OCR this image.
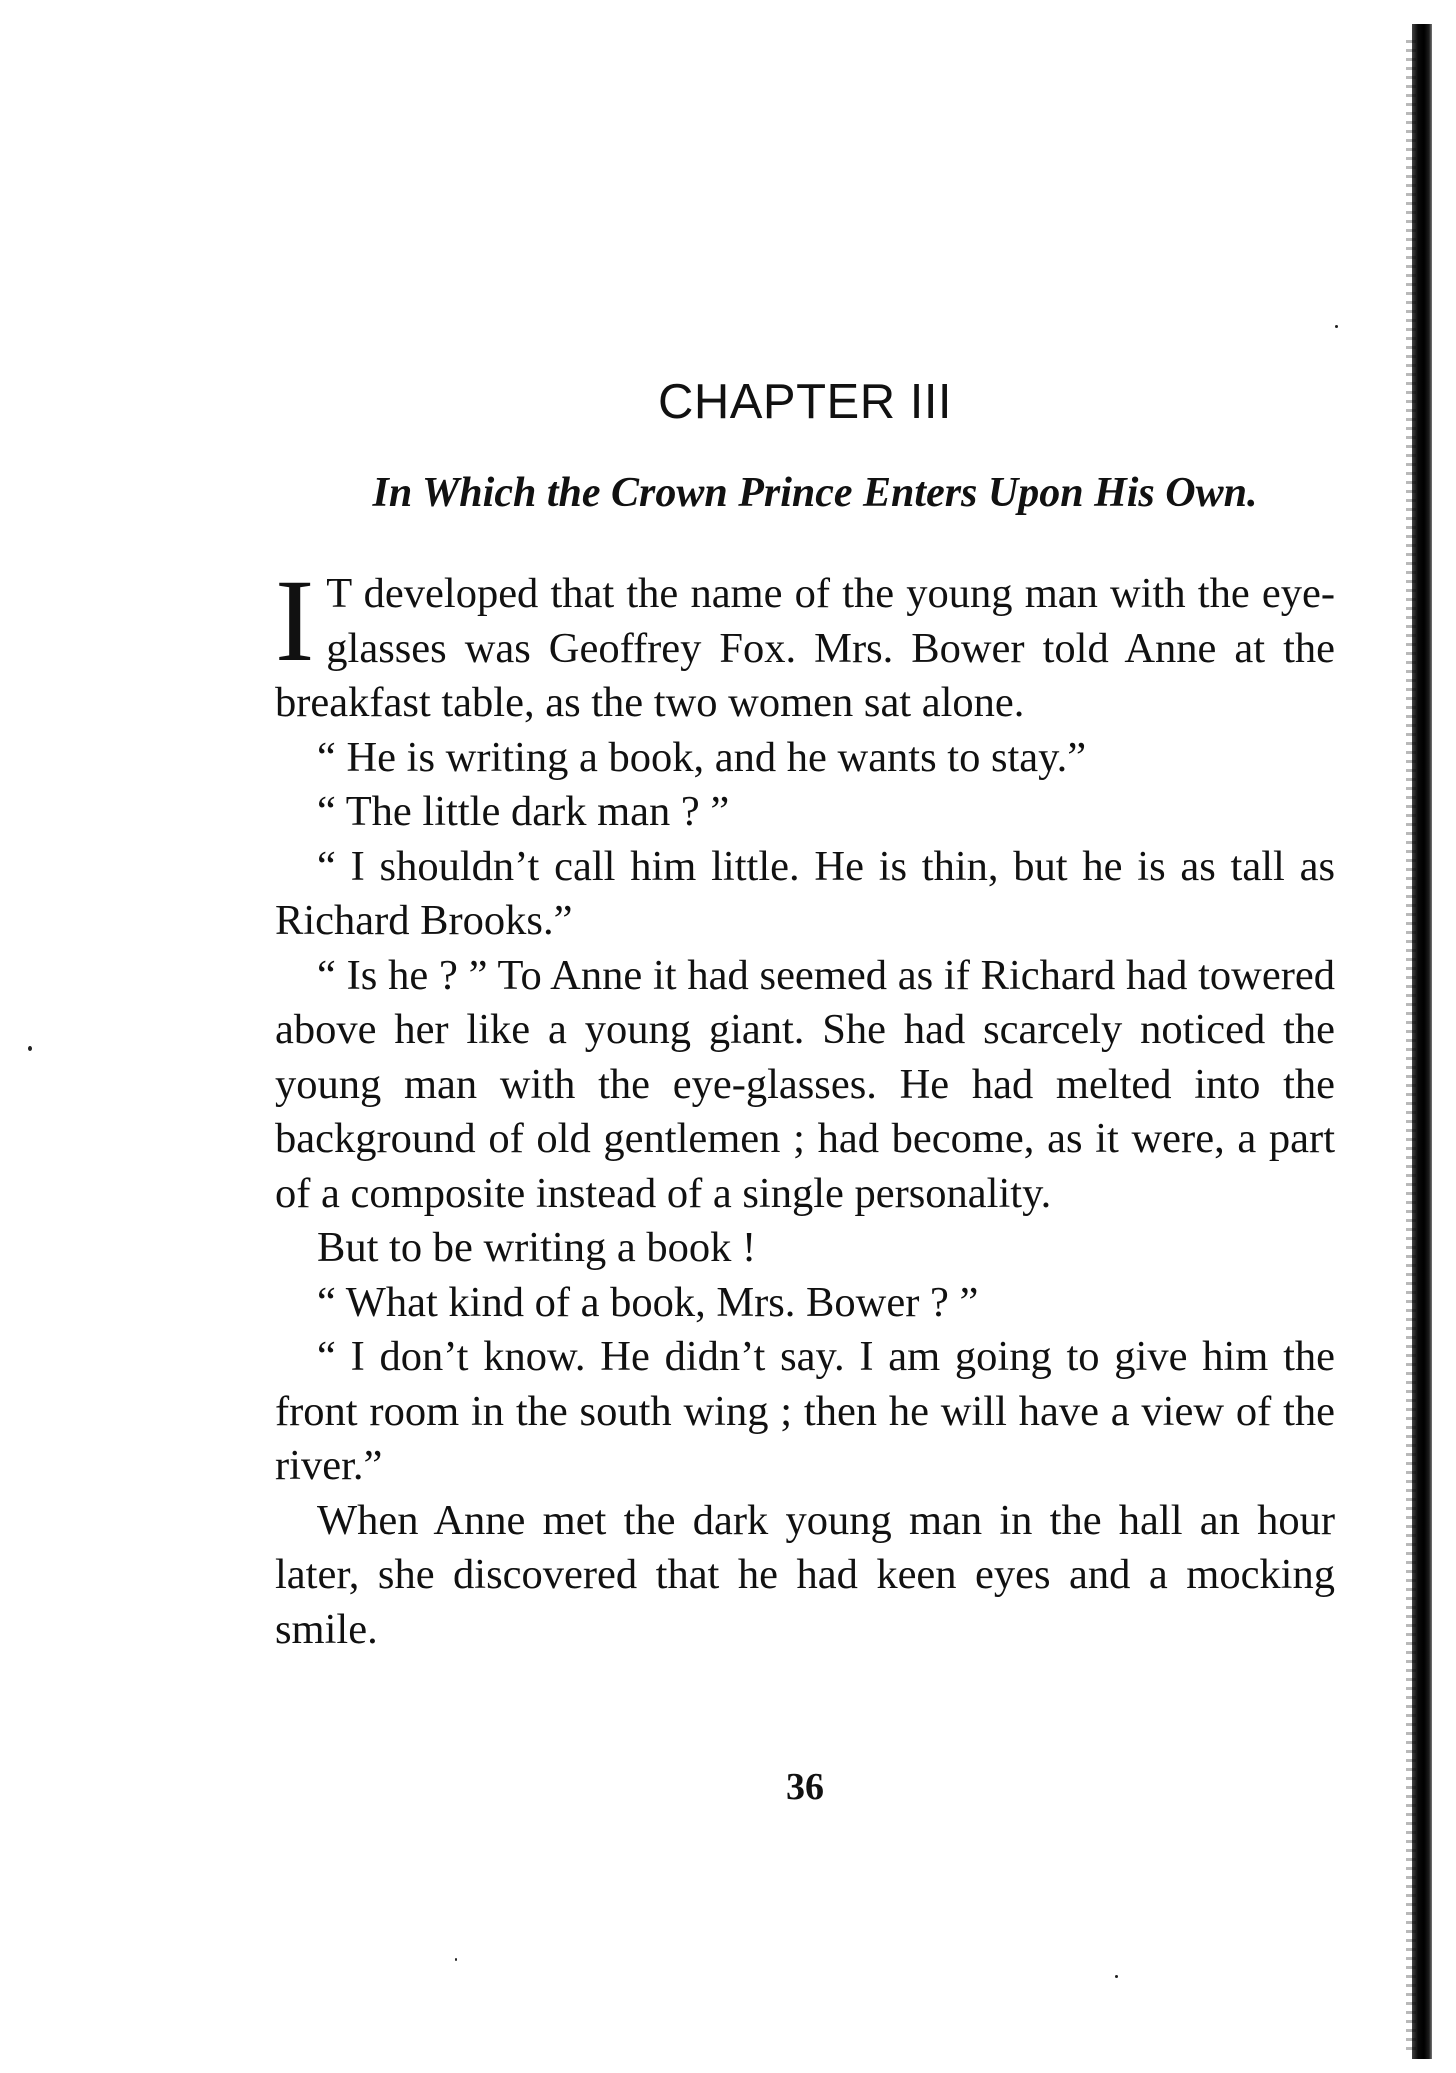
CHAPTER III
In Which the Crown Prince Enters Upon His Own.

IT developed that the name of the young man with the eye-glasses was Geoffrey Fox. Mrs. Bower told Anne at the breakfast table, as the two women sat alone.

“ He is writing a book, and he wants to stay.”

“ The little dark man ? ”

“ I shouldn’t call him little. He is thin, but he is as tall as Richard Brooks.”

“ Is he ? ” To Anne it had seemed as if Richard had towered above her like a young giant. She had scarcely noticed the young man with the eye-glasses. He had melted into the background of old gentlemen ; had become, as it were, a part of a composite instead of a single personality.

But to be writing a book !

“ What kind of a book, Mrs. Bower ? ”

“ I don’t know. He didn’t say. I am going to give him the front room in the south wing ; then he will have a view of the river.”

When Anne met the dark young man in the hall an hour later, she discovered that he had keen eyes and a mocking smile.

36
